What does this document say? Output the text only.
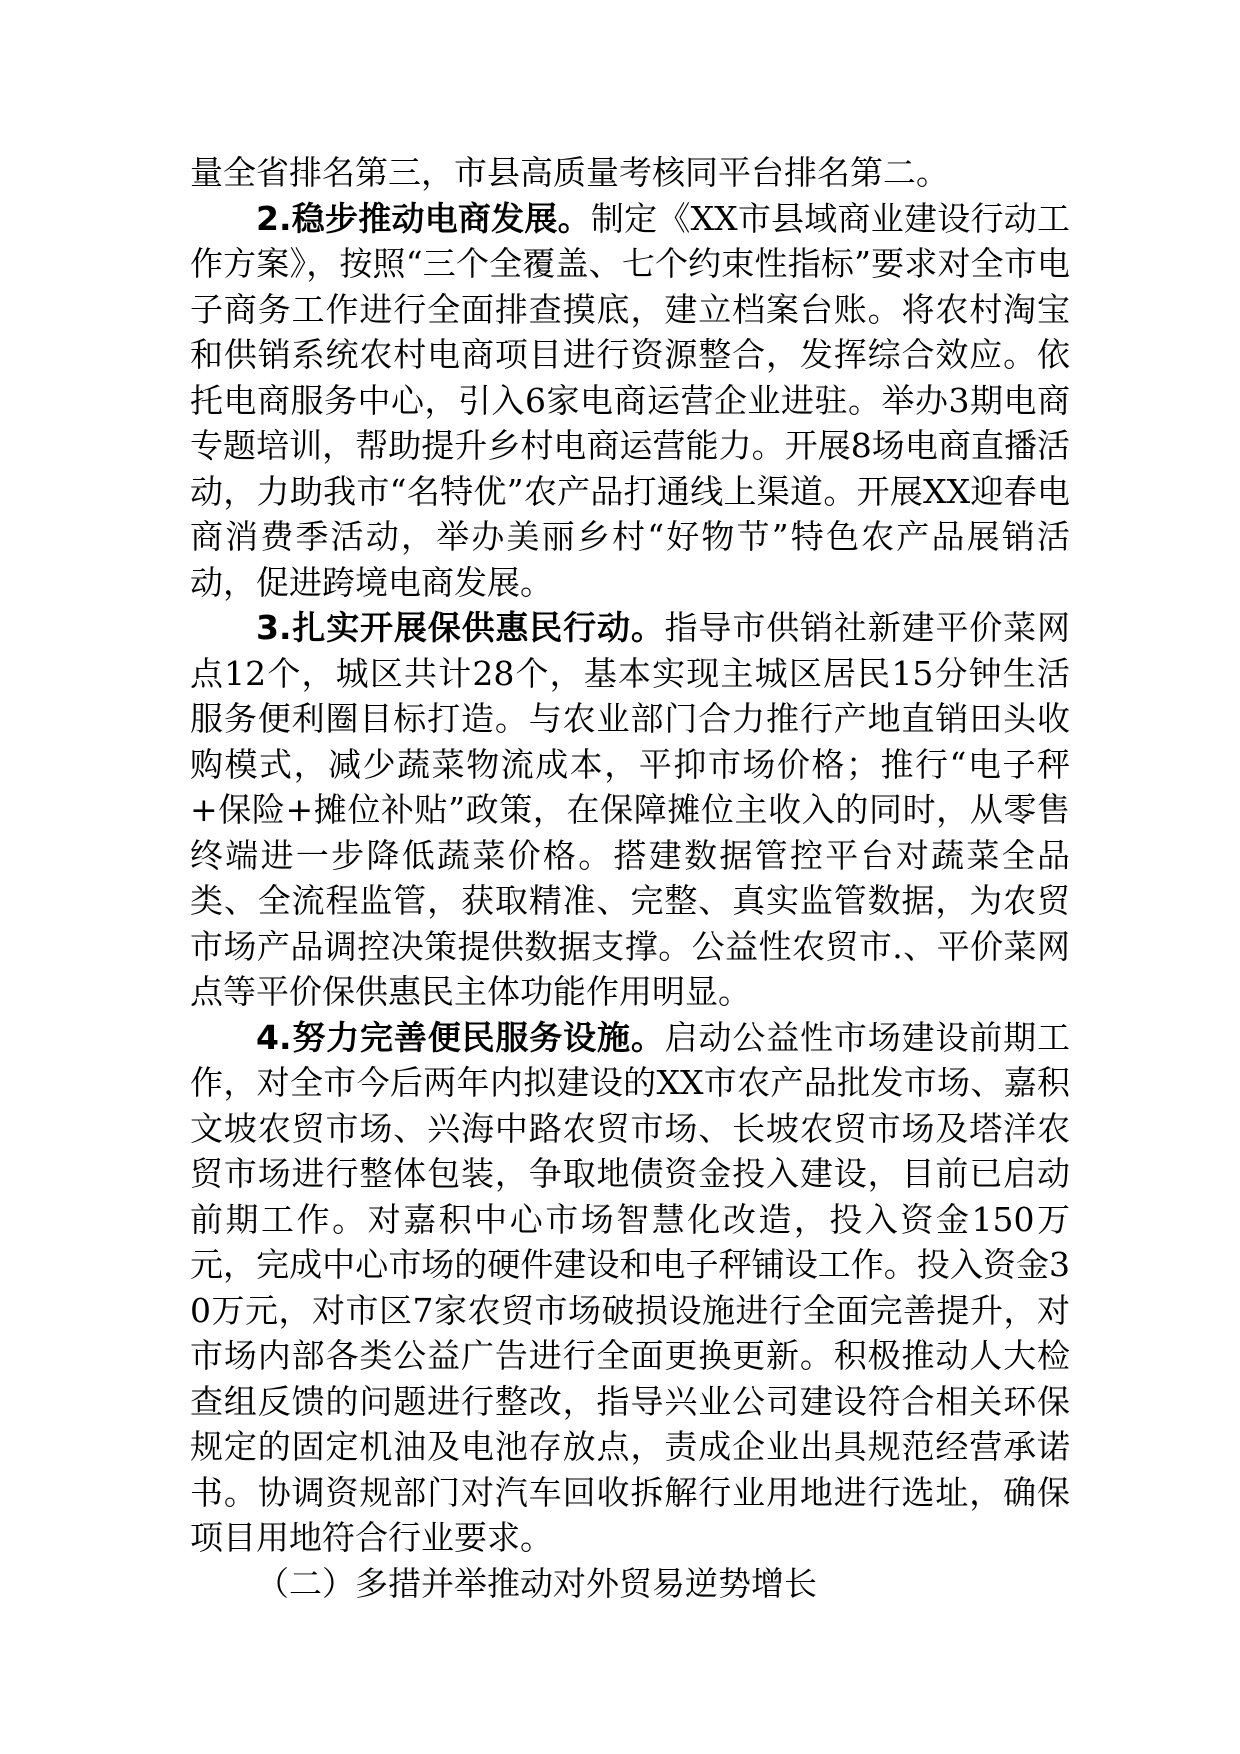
量全省排名第三，市县高质量考核同平台排名第二。

2.稳步推动电商发展。制定《XX市县域商业建设行动工作方案》，按照“三个全覆盖、七个约束性指标”要求对全市电子商务工作进行全面排查摸底，建立档案台账。将农村淘宝和供销系统农村电商项目进行资源整合，发挥综合效应。依托电商服务中心，引入6家电商运营企业进驻。举办3期电商专题培训，帮助提升乡村电商运营能力。开展8场电商直播活动，力助我市“名特优”农产品打通线上渠道。开展XX迎春电商消费季活动，举办美丽乡村“好物节”特色农产品展销活动，促进跨境电商发展。

3.扎实开展保供惠民行动。指导市供销社新建平价菜网点12个，城区共计28个，基本实现主城区居民15分钟生活服务便利圈目标打造。与农业部门合力推行产地直销田头收购模式，减少蔬菜物流成本，平抑市场价格；推行“电子秤+保险+摊位补贴”政策，在保障摊位主收入的同时，从零售终端进一步降低蔬菜价格。搭建数据管控平台对蔬菜全品类、全流程监管，获取精准、完整、真实监管数据，为农贸市场产品调控决策提供数据支撑。公益性农贸市.、平价菜网点等平价保供惠民主体功能作用明显。

4.努力完善便民服务设施。启动公益性市场建设前期工作，对全市今后两年内拟建设的XX市农产品批发市场、嘉积文坡农贸市场、兴海中路农贸市场、长坡农贸市场及塔洋农贸市场进行整体包装，争取地债资金投入建设，目前已启动前期工作。对嘉积中心市场智慧化改造，投入资金150万元，完成中心市场的硬件建设和电子秤铺设工作。投入资金30万元，对市区7家农贸市场破损设施进行全面完善提升，对市场内部各类公益广告进行全面更换更新。积极推动人大检查组反馈的问题进行整改，指导兴业公司建设符合相关环保规定的固定机油及电池存放点，责成企业出具规范经营承诺书。协调资规部门对汽车回收拆解行业用地进行选址，确保项目用地符合行业要求。

（二）多措并举推动对外贸易逆势增长
